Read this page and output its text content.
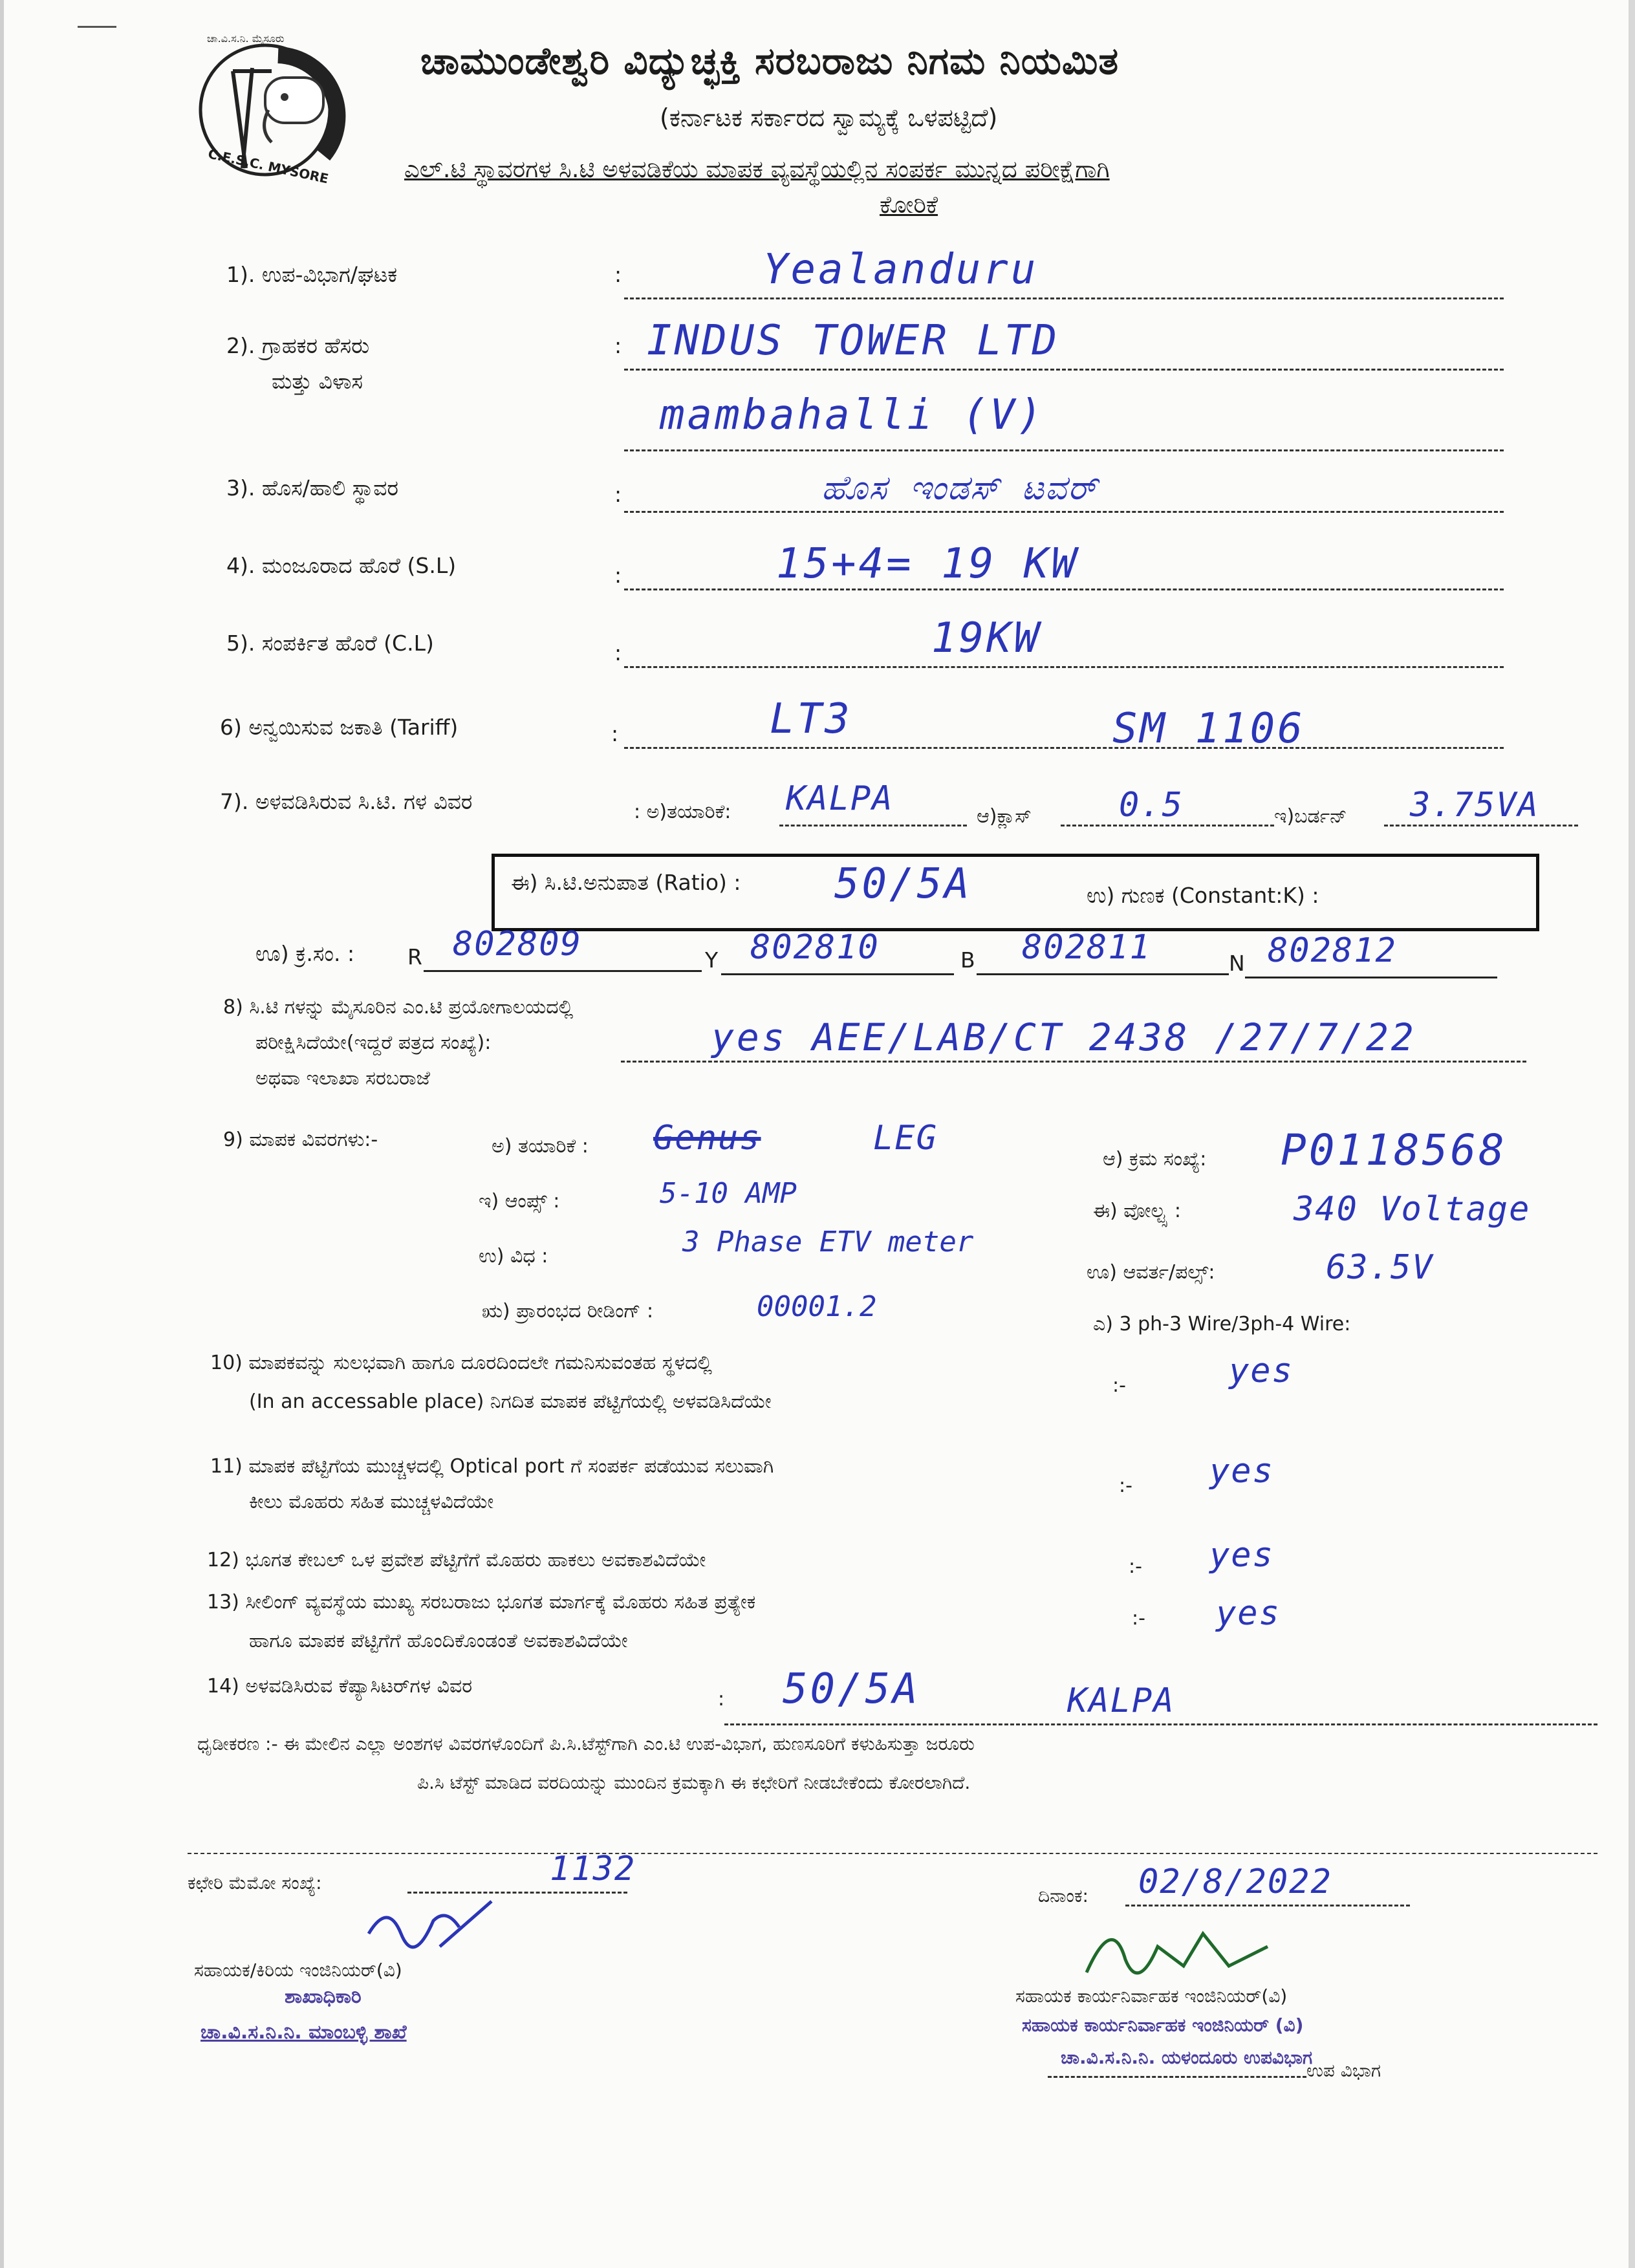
C.E.S.C. MYSORE
ಚಾ.ವಿ.ಸ.ನಿ. ಮೈಸೂರು
ಚಾಮುಂಡೇಶ್ವರಿ ವಿದ್ಯುಚ್ಛಕ್ತಿ ಸರಬರಾಜು ನಿಗಮ ನಿಯಮಿತ
(ಕರ್ನಾಟಕ ಸರ್ಕಾರದ ಸ್ವಾಮ್ಯಕ್ಕೆ ಒಳಪಟ್ಟಿದೆ)
ಎಲ್.ಟಿ ಸ್ಥಾವರಗಳ ಸಿ.ಟಿ ಅಳವಡಿಕೆಯ ಮಾಪಕ ವ್ಯವಸ್ಥೆಯಲ್ಲಿನ ಸಂಪರ್ಕ ಮುನ್ನದ ಪರೀಕ್ಷೆಗಾಗಿ
ಕೋರಿಕೆ
1). ಉಪ-ವಿಭಾಗ/ಘಟಕ	:	Yealanduru
2). ಗ್ರಾಹಕರ ಹೆಸರು
ಮತ್ತು ವಿಳಾಸ
: INDUS TOWER LTD
mambahalli (V)
3). ಹೊಸ/ಹಾಲಿ ಸ್ಥಾವರ	:	ಹೊಸ ಇಂಡಸ್ ಟವರ್
4). ಮಂಜೂರಾದ ಹೊರೆ (S.L)	:	15+4= 19 KW
5). ಸಂಪರ್ಕಿತ ಹೊರೆ (C.L)	:	19KW
6) ಅನ್ವಯಿಸುವ ಜಕಾತಿ (Tariff)	:	LT3	SM 1106
7). ಅಳವಡಿಸಿರುವ ಸಿ.ಟಿ. ಗಳ ವಿವರ	: ಅ)ತಯಾರಿಕೆ: KALPA	ಆ)ಕ್ಲಾಸ್	0.5	ಇ)ಬರ್ಡನ್ 3.75VA
ಈ) ಸಿ.ಟಿ.ಅನುಪಾತ (Ratio) : 50/5A	ಉ) ಗುಣಕ (Constant:K) :
ಊ) ಕ್ರ.ಸಂ. : R 802809	Y 802810	B 802811	N 802812
8) ಸಿ.ಟಿ ಗಳನ್ನು ಮೈಸೂರಿನ ಎಂ.ಟಿ ಪ್ರಯೋಗಾಲಯದಲ್ಲಿ
ಪರೀಕ್ಷಿಸಿದೆಯೇ(ಇದ್ದರೆ ಪತ್ರದ ಸಂಖ್ಯೆ):
ಅಥವಾ ಇಲಾಖಾ ಸರಬರಾಜೆ
yes AEE/LAB/CT 2438 /27/7/22
9) ಮಾಪಕ ವಿವರಗಳು:-	ಅ) ತಯಾರಿಕೆ : Genus	LEG
ಆ) ಕ್ರಮ ಸಂಖ್ಯೆ: P0118568
ಇ) ಆಂಪ್ಸ್ :	5-10 AMP
ಈ) ವೋಲ್ಟ್ಸ :	340 Voltage
ಉ) ವಿಧ :	3 Phase ETV meter
ಊ) ಆವರ್ತ/ಪಲ್ಸ್:	63.5V
ಋ) ಪ್ರಾರಂಭದ ರೀಡಿಂಗ್ :	00001.2
ಎ) 3 ph-3 Wire/3ph-4 Wire:
10) ಮಾಪಕವನ್ನು ಸುಲಭವಾಗಿ ಹಾಗೂ ದೂರದಿಂದಲೇ ಗಮನಿಸುವಂತಹ ಸ್ಥಳದಲ್ಲಿ
(In an accessable place) ನಿಗದಿತ ಮಾಪಕ ಪೆಟ್ಟಿಗೆಯಲ್ಲಿ ಅಳವಡಿಸಿದೆಯೇ
:-	yes
11) ಮಾಪಕ ಪೆಟ್ಟಿಗೆಯ ಮುಚ್ಚಳದಲ್ಲಿ Optical port ಗೆ ಸಂಪರ್ಕ ಪಡೆಯುವ ಸಲುವಾಗಿ
ಕೀಲು ಮೊಹರು ಸಹಿತ ಮುಚ್ಚಳವಿದೆಯೇ
:- yes
12) ಭೂಗತ ಕೇಬಲ್ ಒಳ ಪ್ರವೇಶ ಪೆಟ್ಟಿಗೆಗೆ ಮೊಹರು ಹಾಕಲು ಅವಕಾಶವಿದೆಯೇ	:- yes
13) ಸೀಲಿಂಗ್ ವ್ಯವಸ್ಥೆಯ ಮುಖ್ಯ ಸರಬರಾಜು ಭೂಗತ ಮಾರ್ಗಕ್ಕೆ ಮೊಹರು ಸಹಿತ ಪ್ರತ್ಯೇಕ
ಹಾಗೂ ಮಾಪಕ ಪೆಟ್ಟಿಗೆಗೆ ಹೊಂದಿಕೊಂಡಂತೆ ಅವಕಾಶವಿದೆಯೇ
:- yes
14) ಅಳವಡಿಸಿರುವ ಕೆಪ್ಯಾಸಿಟರ್‌ಗಳ ವಿವರ
: 50/5A	KALPA
ಧೃಡೀಕರಣ :- ಈ ಮೇಲಿನ ಎಲ್ಲಾ ಅಂಶಗಳ ವಿವರಗಳೊಂದಿಗೆ ಪಿ.ಸಿ.ಟೆಸ್ಟ್‌ಗಾಗಿ ಎಂ.ಟಿ ಉಪ-ವಿಭಾಗ, ಹುಣಸೂರಿಗೆ ಕಳುಹಿಸುತ್ತಾ ಜರೂರು
ಪಿ.ಸಿ ಟೆಸ್ಟ್ ಮಾಡಿದ ವರದಿಯನ್ನು ಮುಂದಿನ ಕ್ರಮಕ್ಕಾಗಿ ಈ ಕಛೇರಿಗೆ ನೀಡಬೇಕೆಂದು ಕೋರಲಾಗಿದೆ.
ಕಛೇರಿ ಮೆಮೋ ಸಂಖ್ಯೆ:	1132
ದಿನಾಂಕ: 02/8/2022
ಸಹಾಯಕ/ಕಿರಿಯ ಇಂಜಿನಿಯರ್(ವಿ)
ಶಾಖಾಧಿಕಾರಿ
ಚಾ.ವಿ.ಸ.ನಿ.ನಿ. ಮಾಂಬಳ್ಳಿ ಶಾಖೆ
ಸಹಾಯಕ ಕಾರ್ಯನಿರ್ವಾಹಕ ಇಂಜಿನಿಯರ್(ವಿ)
ಸಹಾಯಕ ಕಾರ್ಯನಿರ್ವಾಹಕ ಇಂಜಿನಿಯರ್ (ವಿ)
ಚಾ.ವಿ.ಸ.ನಿ.ನಿ. ಯಳಂದೂರು ಉಪವಿಭಾಗ
ಉಪ ವಿಭಾಗ
